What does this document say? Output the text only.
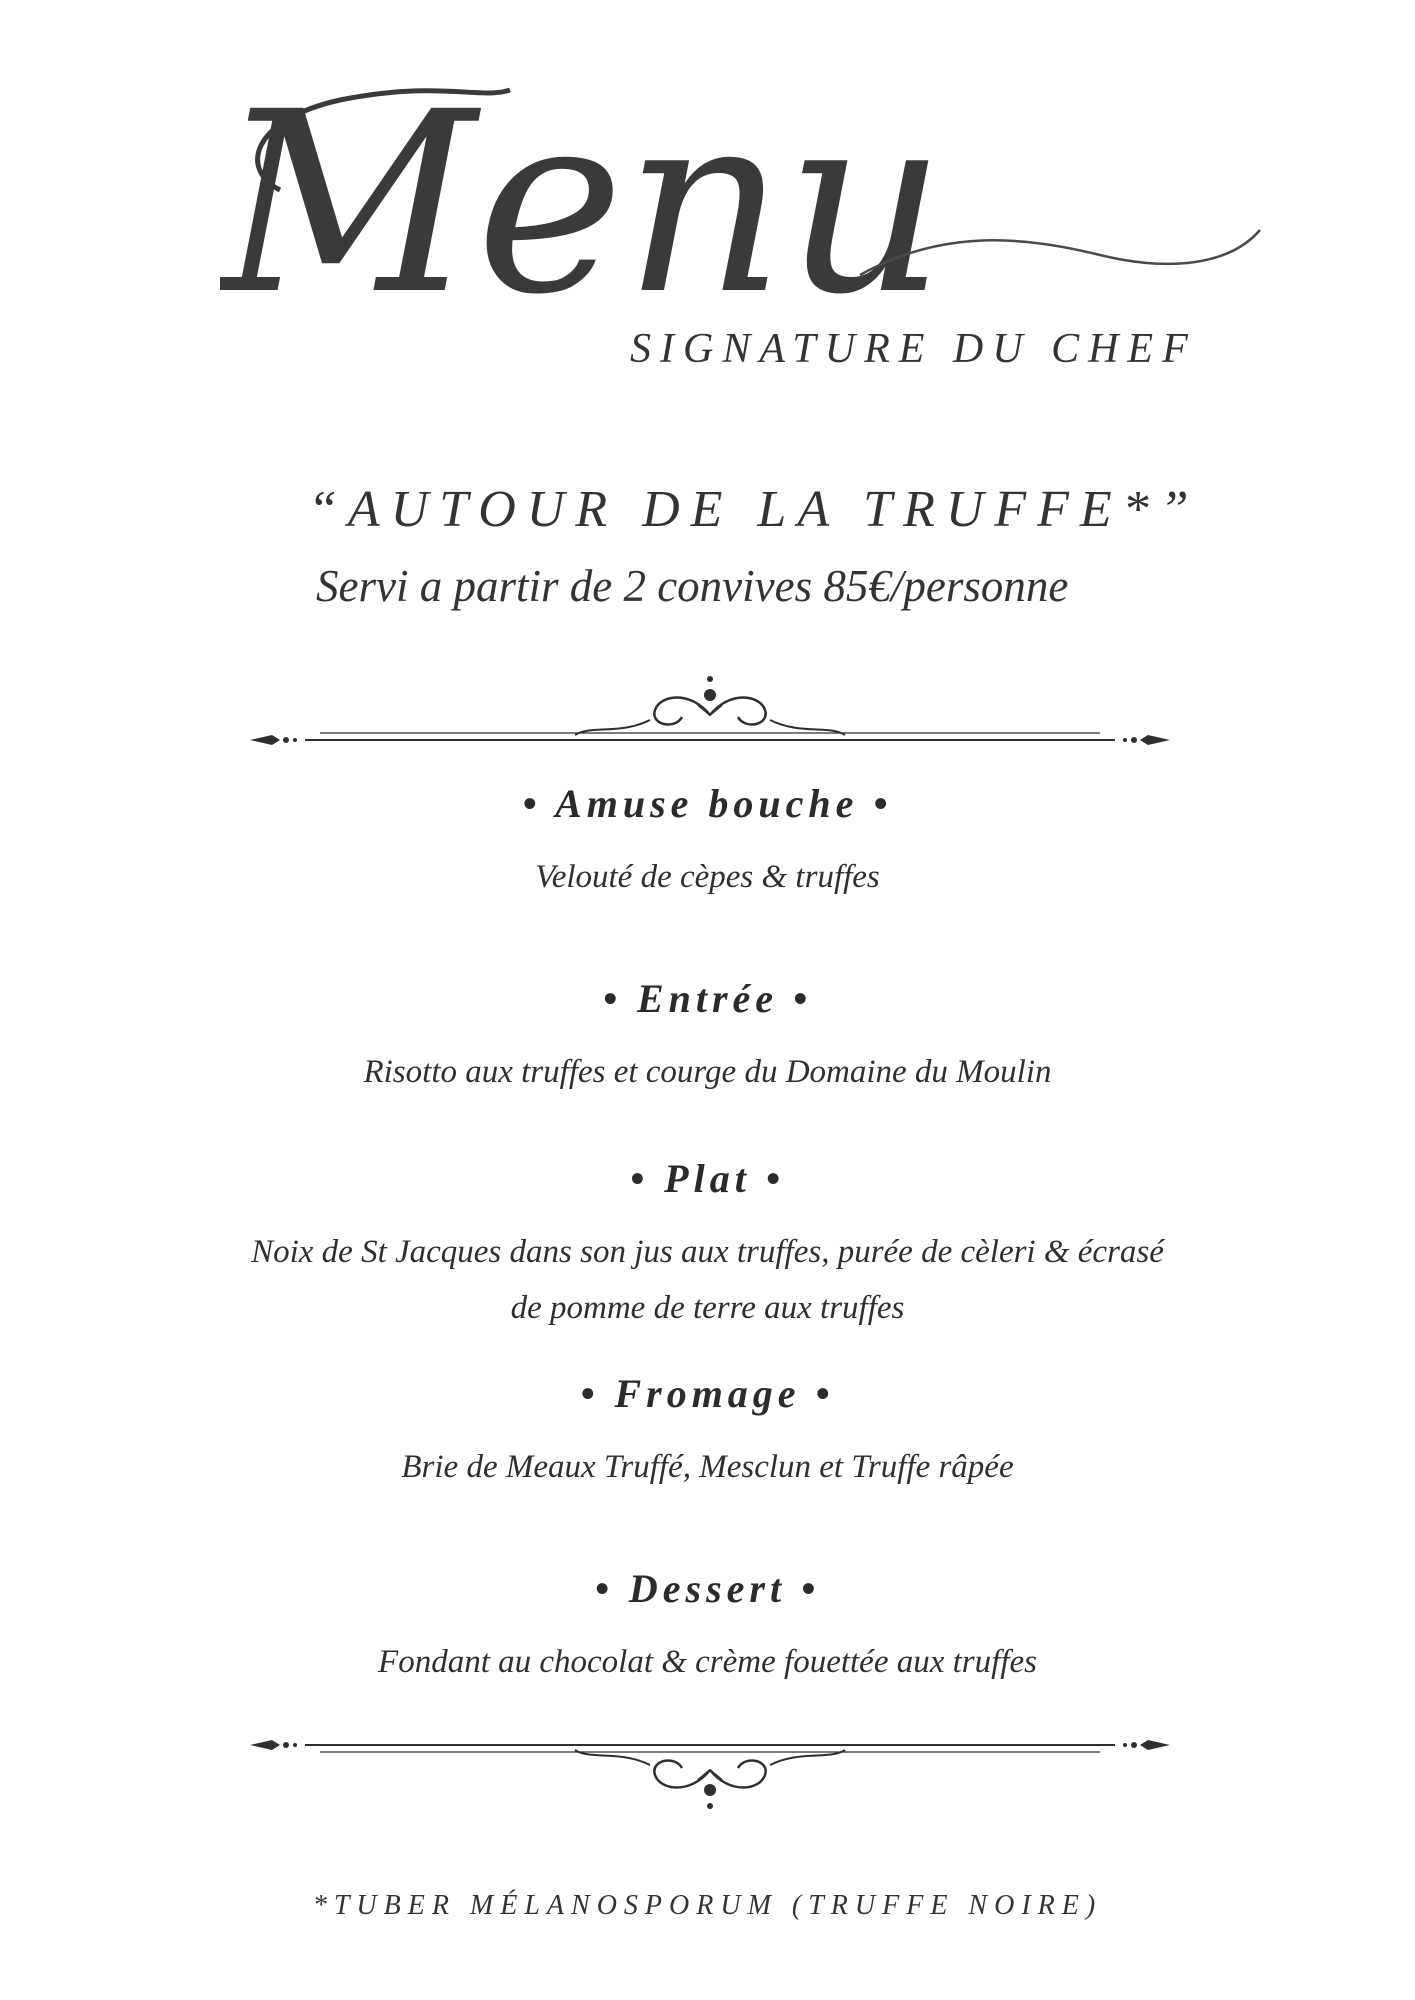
Menu
SIGNATURE DU CHEF
“AUTOUR DE LA TRUFFE*”
Servi a partir de 2 convives 85€/personne
• Amuse bouche •
Velouté de cèpes & truffes
• Entrée •
Risotto aux truffes et courge du Domaine du Moulin
• Plat •
Noix de St Jacques dans son jus aux truffes, purée de cèleri & écrasé
de pomme de terre aux truffes
• Fromage •
Brie de Meaux Truffé, Mesclun et Truffe râpée
• Dessert •
Fondant au chocolat & crème fouettée aux truffes
*TUBER MÉLANOSPORUM (TRUFFE NOIRE)
